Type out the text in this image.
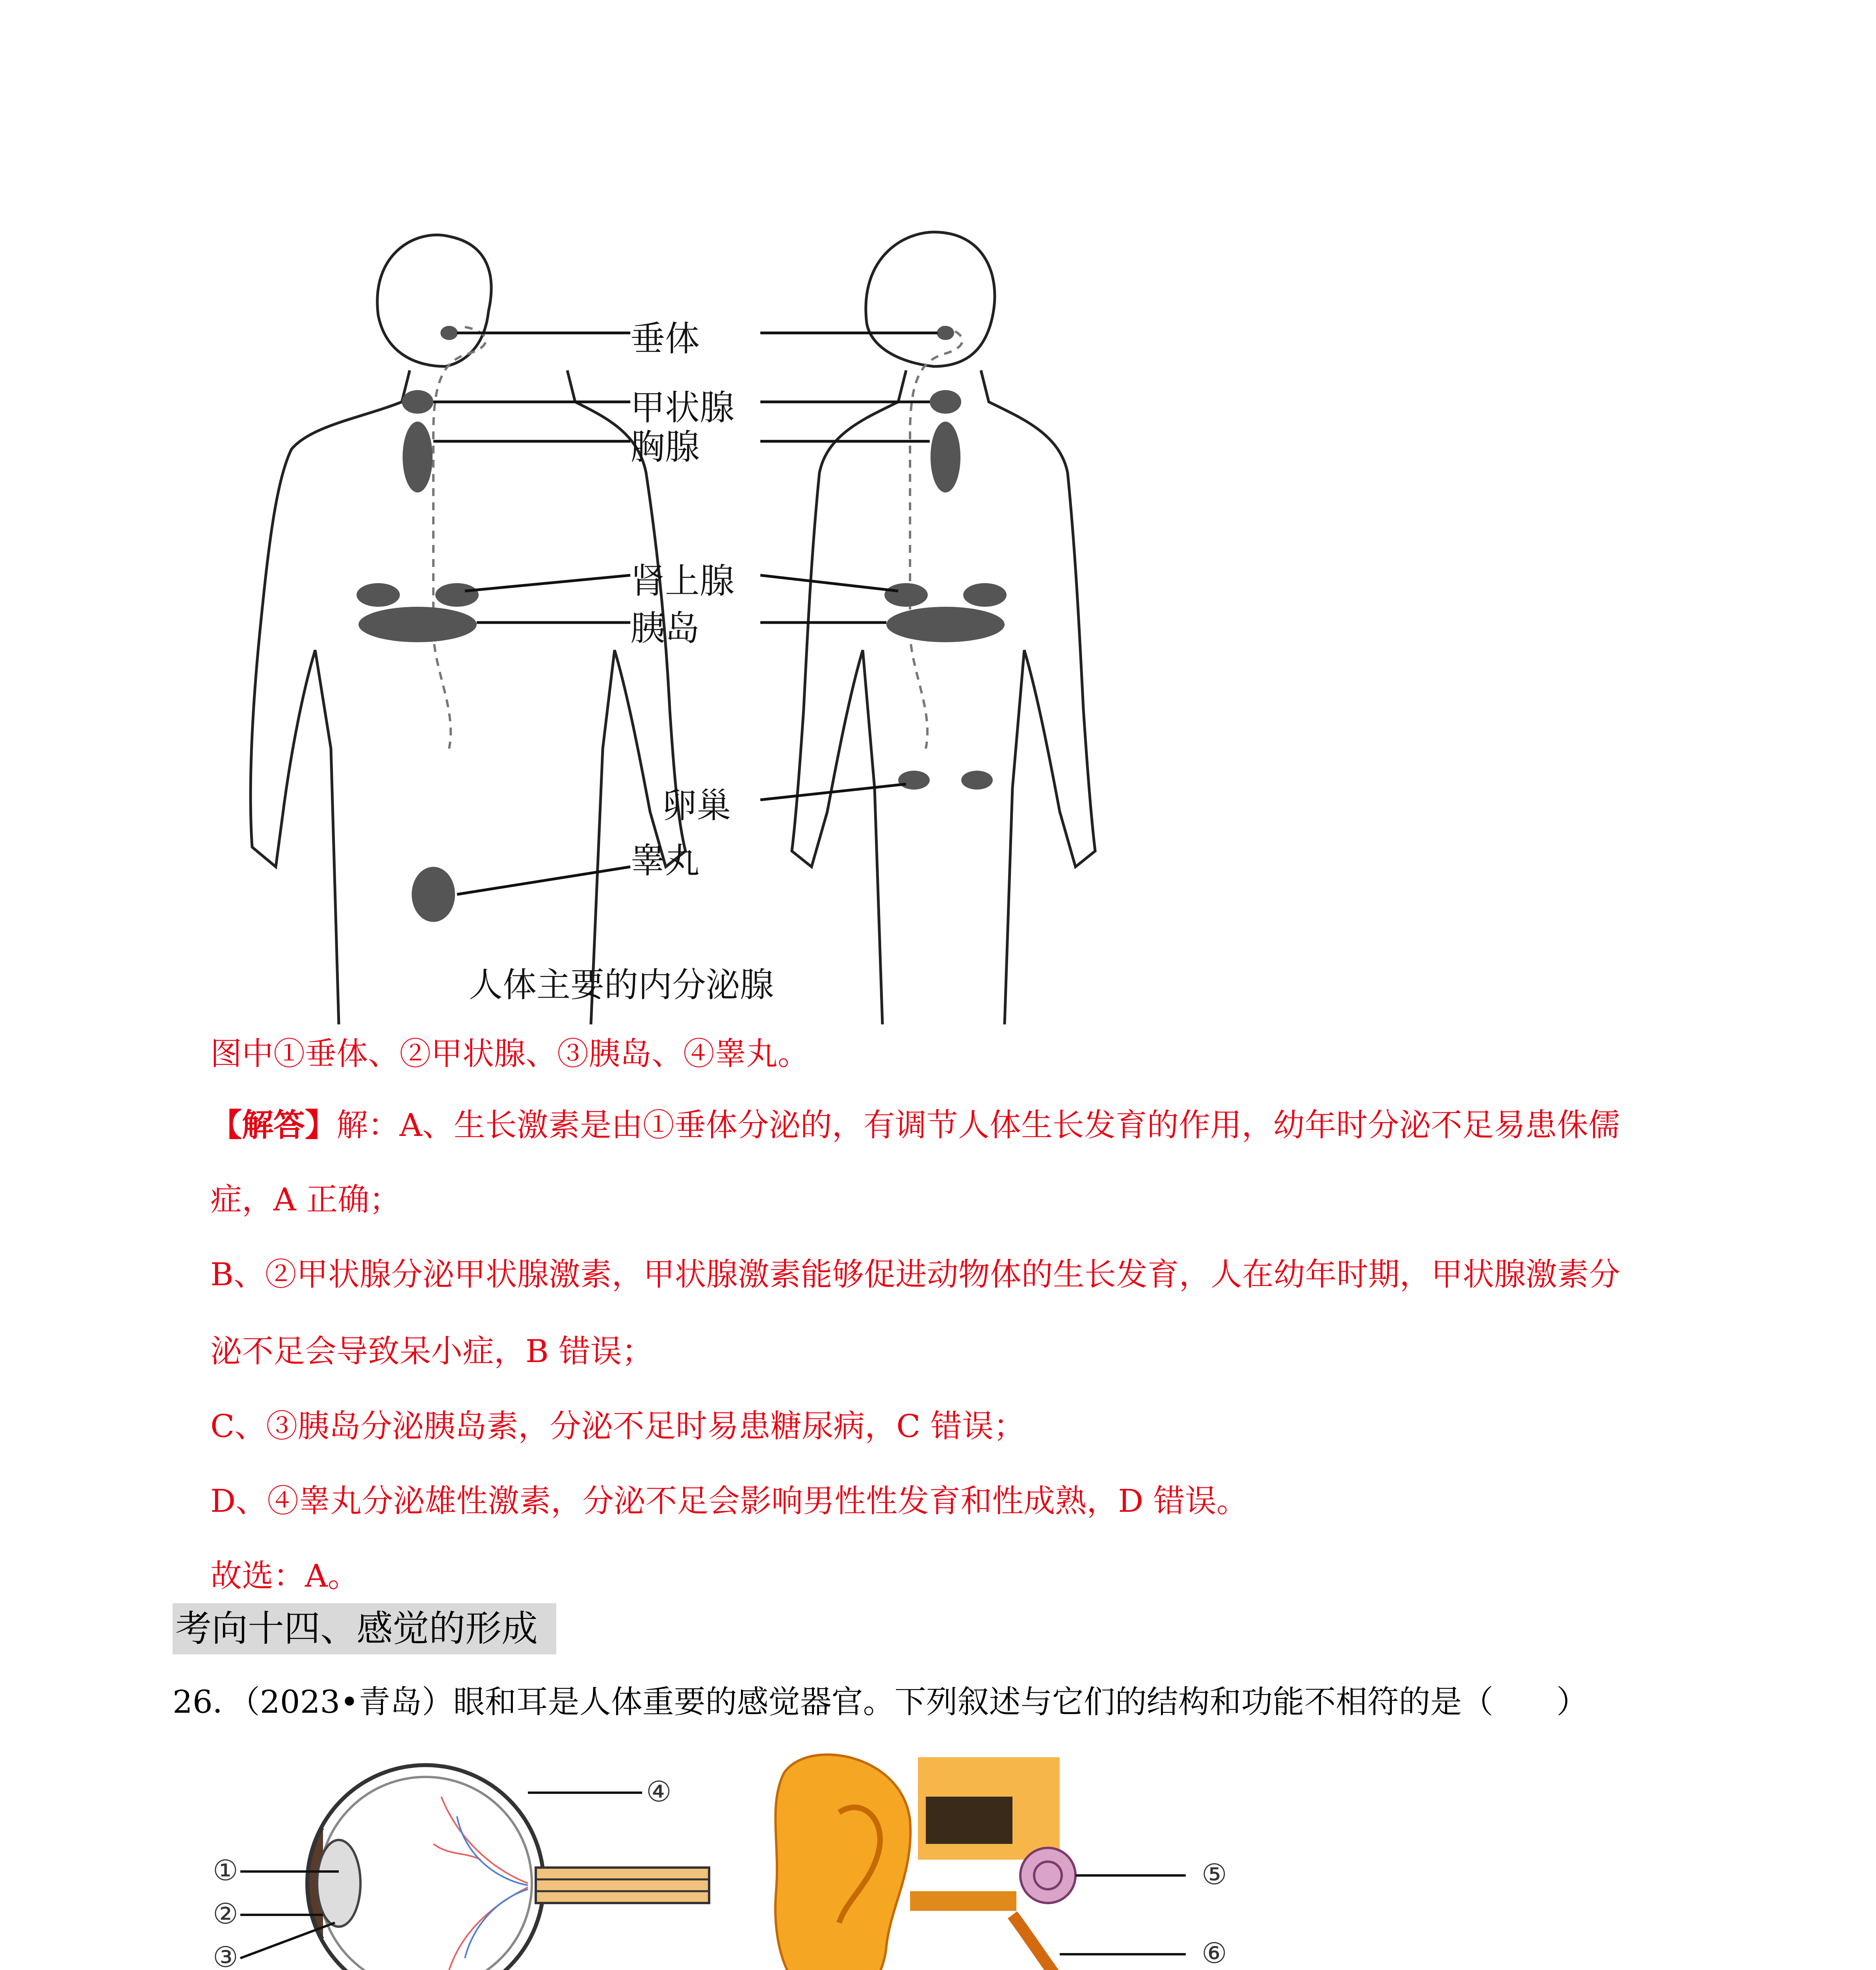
垂体
甲状腺
胸腺
肾上腺
胰岛
卵巢
睾丸
人体主要的内分泌腺
图中①垂体、②甲状腺、③胰岛、④睾丸。
【解答】解：A、生长激素是由①垂体分泌的，有调节人体生长发育的作用，幼年时分泌不足易患侏儒
症，A 正确；
B、②甲状腺分泌甲状腺激素，甲状腺激素能够促进动物体的生长发育，人在幼年时期，甲状腺激素分
泌不足会导致呆小症，B 错误；
C、③胰岛分泌胰岛素，分泌不足时易患糖尿病，C 错误；
D、④睾丸分泌雄性激素，分泌不足会影响男性性发育和性成熟，D 错误。
故选：A。
考向十四、感觉的形成
26．（2023•青岛）眼和耳是人体重要的感觉器官。下列叙述与它们的结构和功能不相符的是（　　）
①
②
③
④
⑤
⑥
